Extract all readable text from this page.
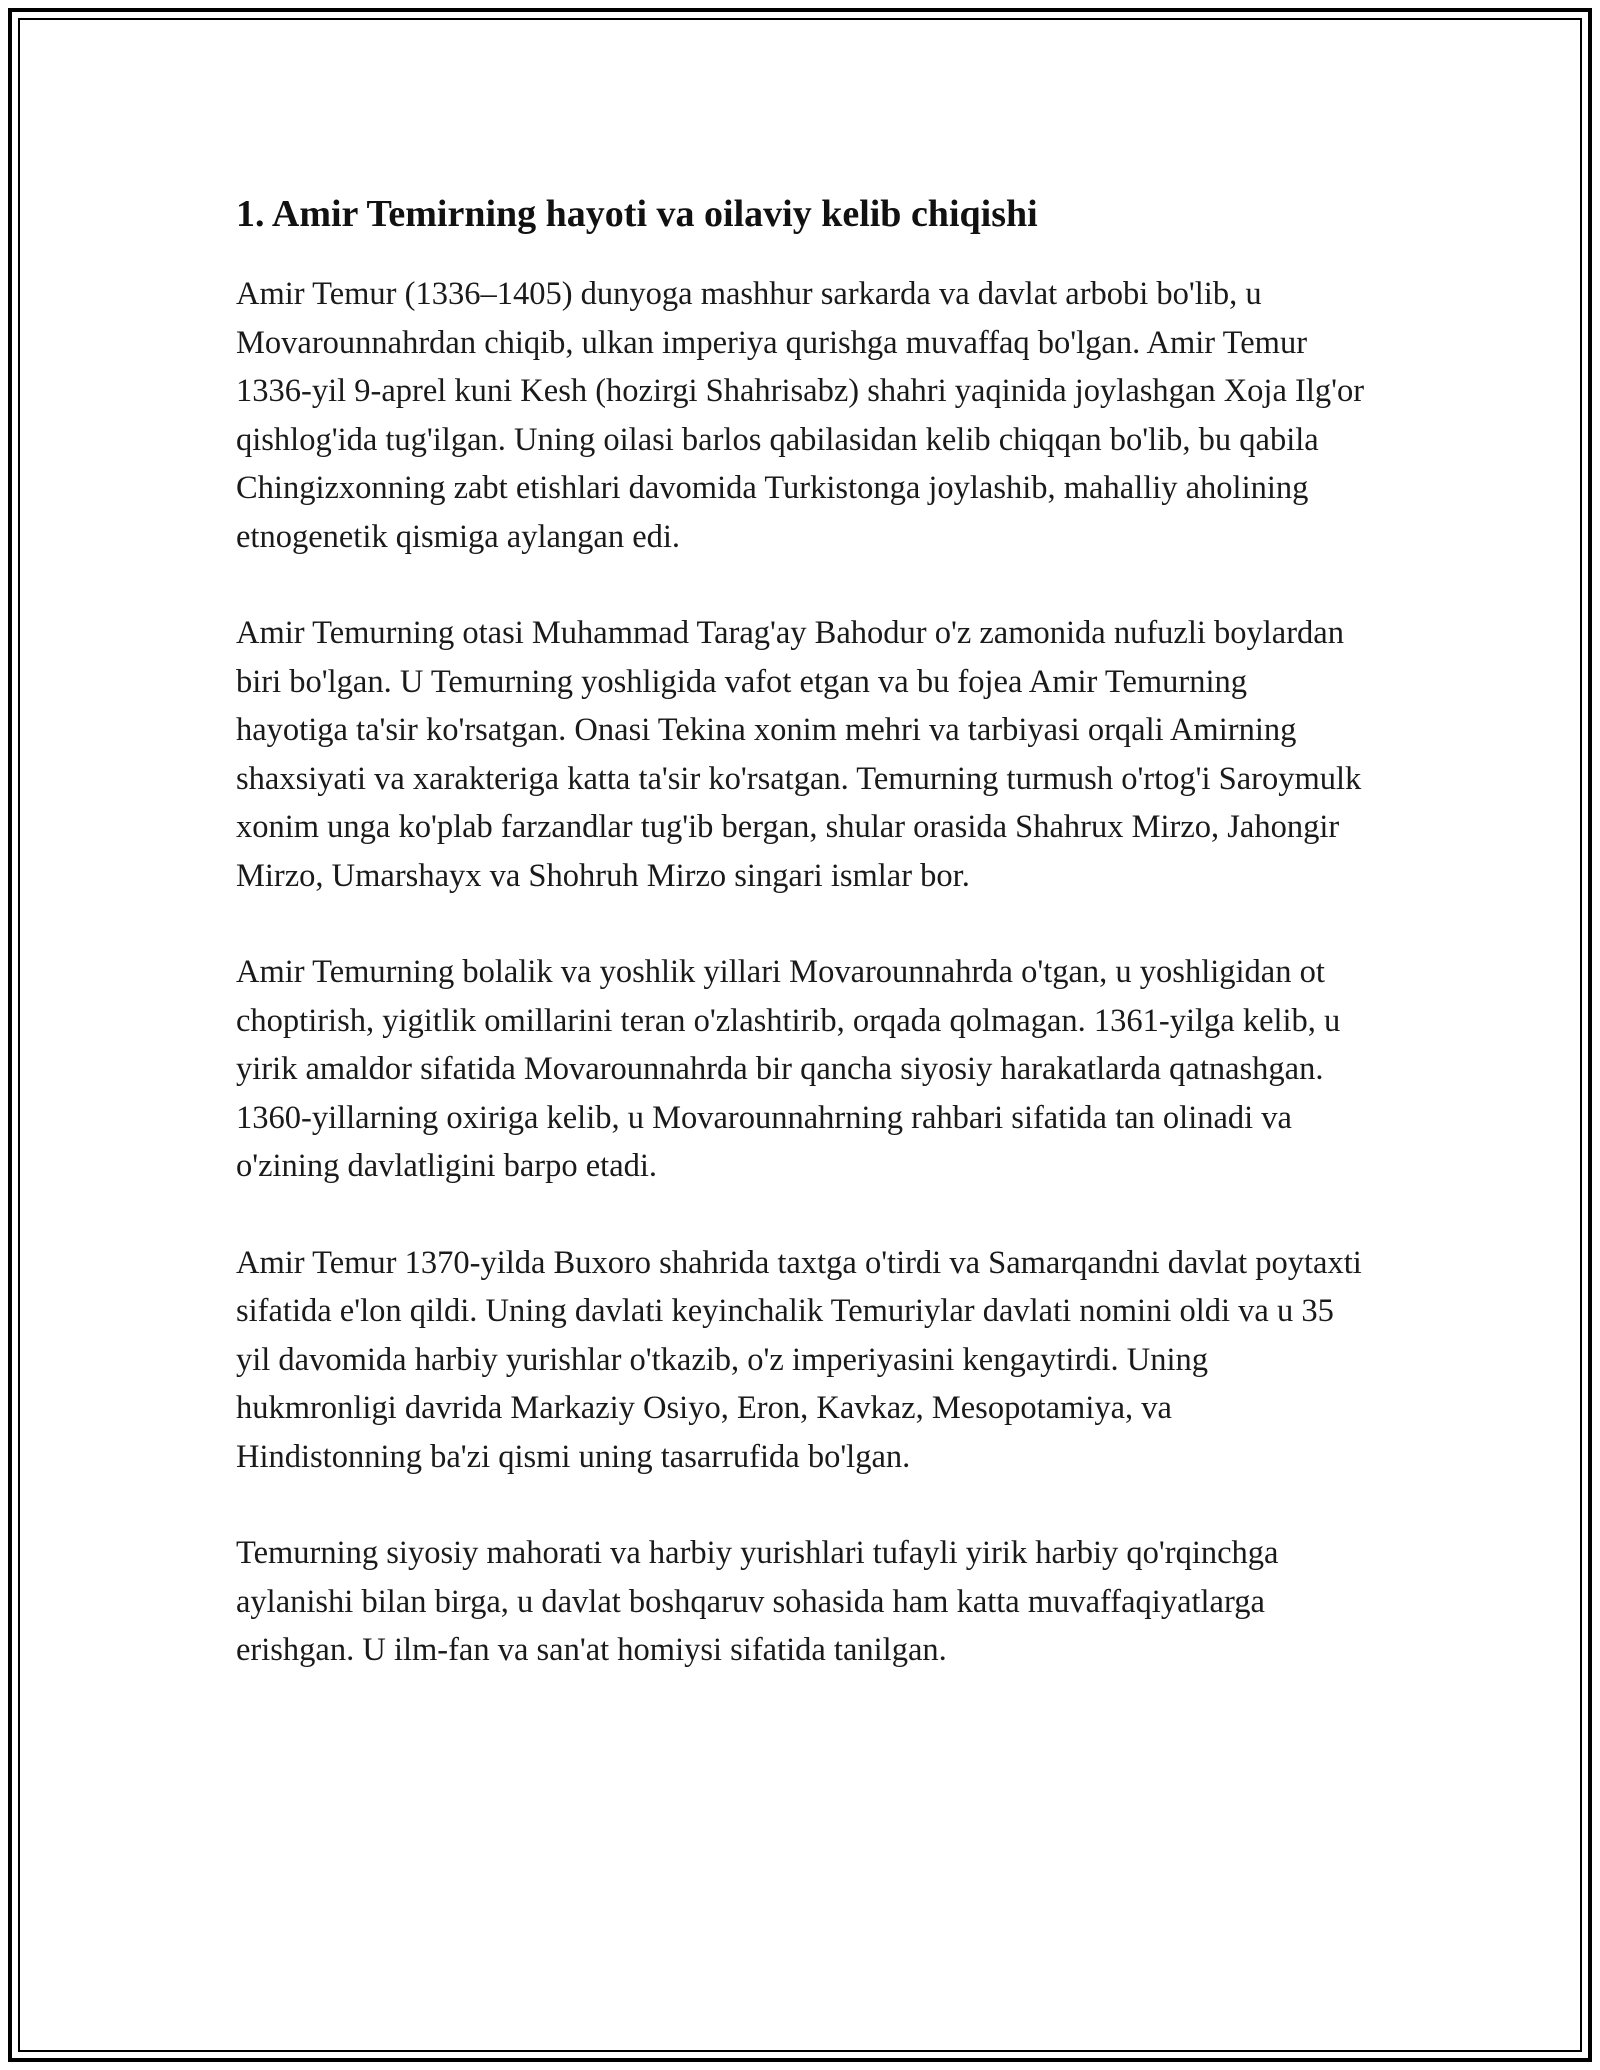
1. Amir Temirning hayoti va oilaviy kelib chiqishi

Amir Temur (1336–1405) dunyoga mashhur sarkarda va davlat arbobi bo'lib, u Movarounnahrdan chiqib, ulkan imperiya qurishga muvaffaq bo'lgan. Amir Temur 1336-yil 9-aprel kuni Kesh (hozirgi Shahrisabz) shahri yaqinida joylashgan Xoja Ilg'or qishlog'ida tug'ilgan. Uning oilasi barlos qabilasidan kelib chiqqan bo'lib, bu qabila Chingizxonning zabt etishlari davomida Turkistonga joylashib, mahalliy aholining etnogenetik qismiga aylangan edi.

Amir Temurning otasi Muhammad Tarag'ay Bahodur o'z zamonida nufuzli boylardan biri bo'lgan. U Temurning yoshligida vafot etgan va bu fojea Amir Temurning hayotiga ta'sir ko'rsatgan. Onasi Tekina xonim mehri va tarbiyasi orqali Amirning shaxsiyati va xarakteriga katta ta'sir ko'rsatgan. Temurning turmush o'rtog'i Saroymulk xonim unga ko'plab farzandlar tug'ib bergan, shular orasida Shahrux Mirzo, Jahongir Mirzo, Umarshayx va Shohruh Mirzo singari ismlar bor.

Amir Temurning bolalik va yoshlik yillari Movarounnahrda o'tgan, u yoshligidan ot choptirish, yigitlik omillarini teran o'zlashtirib, orqada qolmagan. 1361-yilga kelib, u yirik amaldor sifatida Movarounnahrda bir qancha siyosiy harakatlarda qatnashgan. 1360-yillarning oxiriga kelib, u Movarounnahrning rahbari sifatida tan olinadi va o'zining davlatligini barpo etadi.

Amir Temur 1370-yilda Buxoro shahrida taxtga o'tirdi va Samarqandni davlat poytaxti sifatida e'lon qildi. Uning davlati keyinchalik Temuriylar davlati nomini oldi va u 35 yil davomida harbiy yurishlar o'tkazib, o'z imperiyasini kengaytirdi. Uning hukmronligi davrida Markaziy Osiyo, Eron, Kavkaz, Mesopotamiya, va Hindistonning ba'zi qismi uning tasarrufida bo'lgan.

Temurning siyosiy mahorati va harbiy yurishlari tufayli yirik harbiy qo'rqinchga aylanishi bilan birga, u davlat boshqaruv sohasida ham katta muvaffaqiyatlarga erishgan. U ilm-fan va san'at homiysi sifatida tanilgan.
